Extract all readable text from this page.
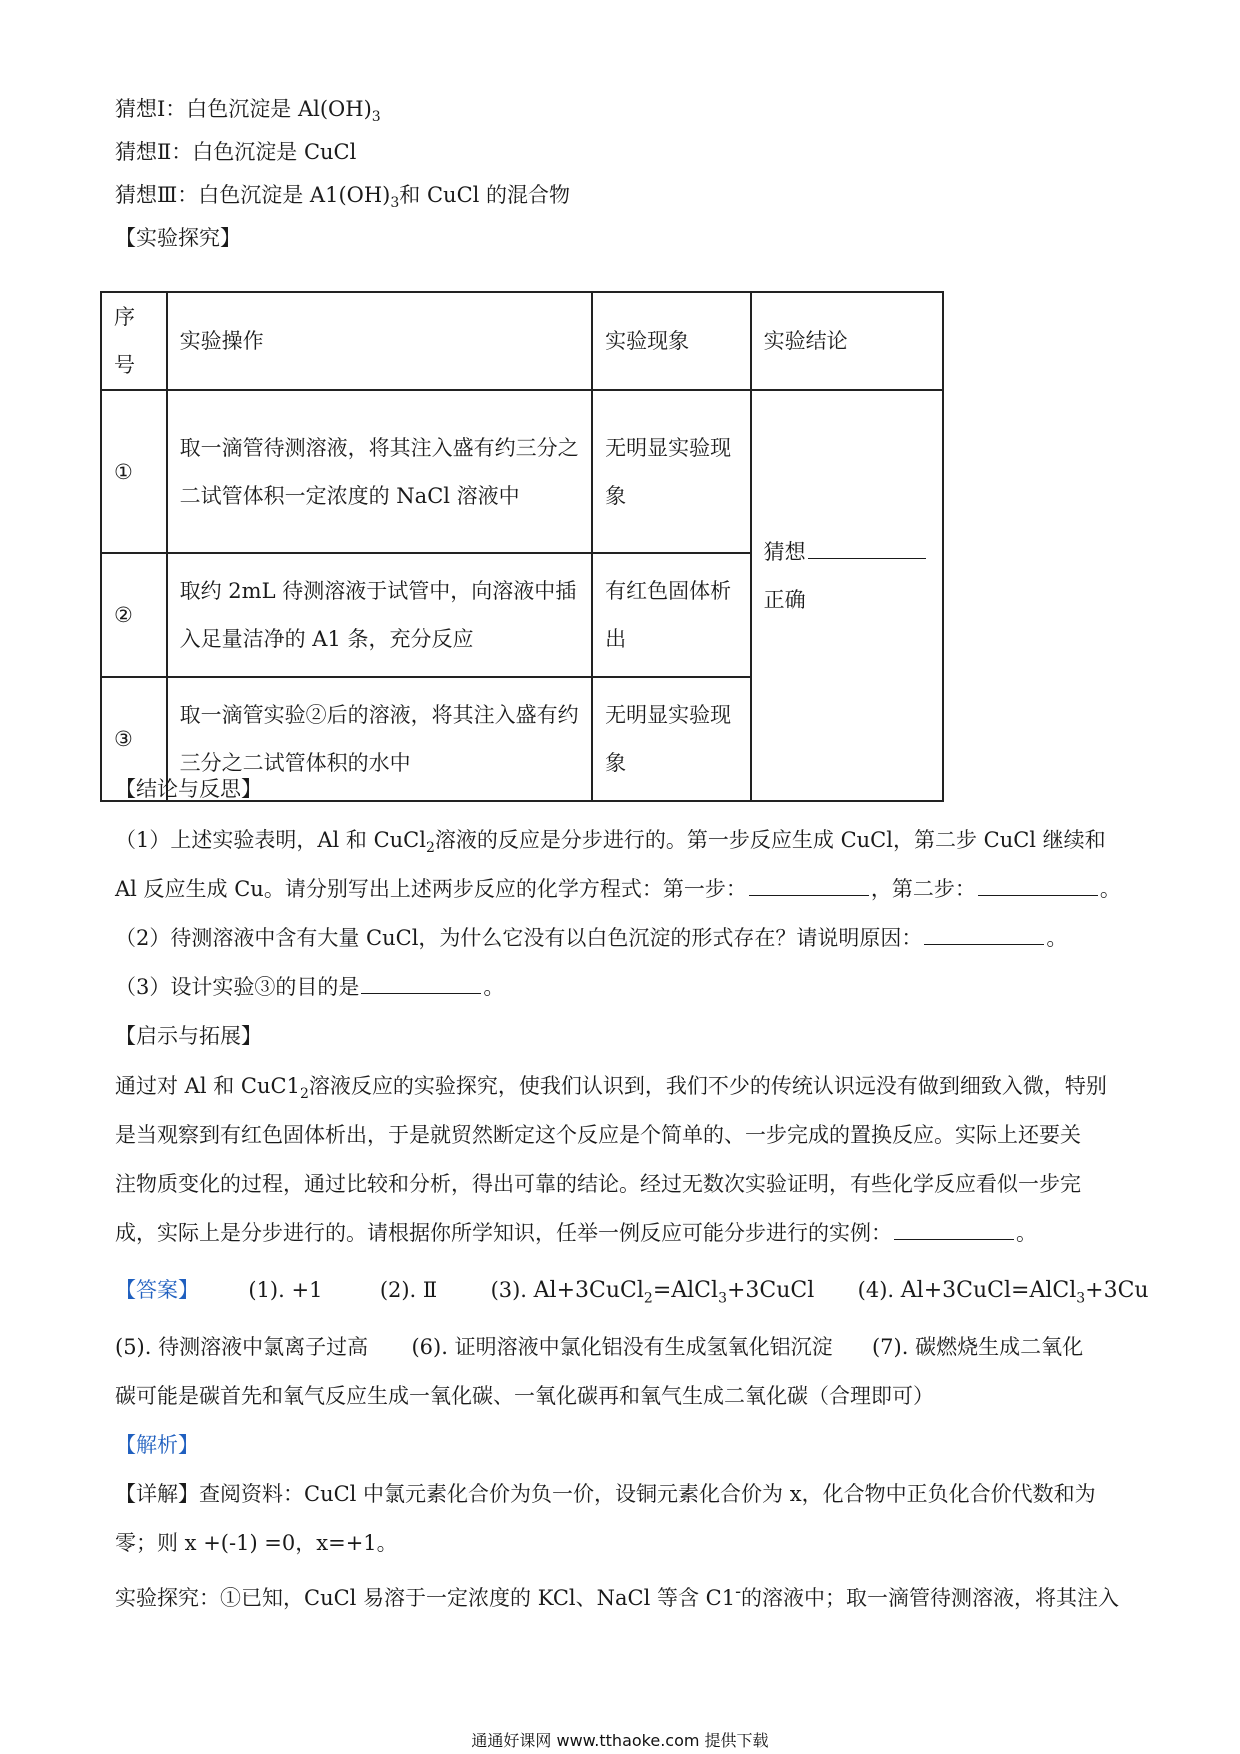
猜想Ⅰ：白色沉淀是 $Al(OH)_3$
猜想Ⅱ：白色沉淀是 CuCl
猜想Ⅲ：白色沉淀是 $A1(OH)_3$和 CuCl 的混合物
【实验探究】
序号	实验操作	实验现象	实验结论
①	取一滴管待测溶液，将其注入盛有约三分之二试管体积一定浓度的 NaCl 溶液中	无明显实验现象	猜想
正确

②	取约 2mL 待测溶液于试管中，向溶液中插入足量洁净的 A1 条，充分反应	有红色固体析出	
③	取一滴管实验②后的溶液，将其注入盛有约三分之二试管体积的水中	无明显实验现象	
【结论与反思】
（1）上述实验表明，Al 和 CuCl$_2$溶液的反应是分步进行的。第一步反应生成 CuCl，第二步 CuCl 继续和
Al 反应生成 Cu。请分别写出上述两步反应的化学方程式：第一步：	，第二步：	。
（2）待测溶液中含有大量 CuCl，为什么它没有以白色沉淀的形式存在？请说明原因：	。
（3）设计实验③的目的是	。
【启示与拓展】
通过对 Al 和 $CuC1_2$溶液反应的实验探究，使我们认识到，我们不少的传统认识远没有做到细致入微，特别
是当观察到有红色固体析出，于是就贸然断定这个反应是个简单的、一步完成的置换反应。实际上还要关
注物质变化的过程，通过比较和分析，得出可靠的结论。经过无数次实验证明，有些化学反应看似一步完
成，实际上是分步进行的。请根据你所学知识，任举一例反应可能分步进行的实例：	。
【答案】 (1). +1	(2). Ⅱ	(3). Al+3CuCl$_2$=AlCl$_3$+3CuCl (4). Al+3CuCl=AlCl$_3$+3Cu
(5). 待测溶液中氯离子过高 (6). 证明溶液中氯化铝没有生成氢氧化铝沉淀 (7). 碳燃烧生成二氧化
碳可能是碳首先和氧气反应生成一氧化碳、一氧化碳再和氧气生成二氧化碳（合理即可）
【解析】
【详解】查阅资料：CuCl 中氯元素化合价为负一价，设铜元素化合价为 x，化合物中正负化合价代数和为
零；则 x +(-1) =0，x=+1。
实验探究：①已知，CuCl 易溶于一定浓度的 KCl、NaCl 等含 C1-的溶液中；取一滴管待测溶液，将其注入
通通好课网 www.tthaoke.com 提供下载
